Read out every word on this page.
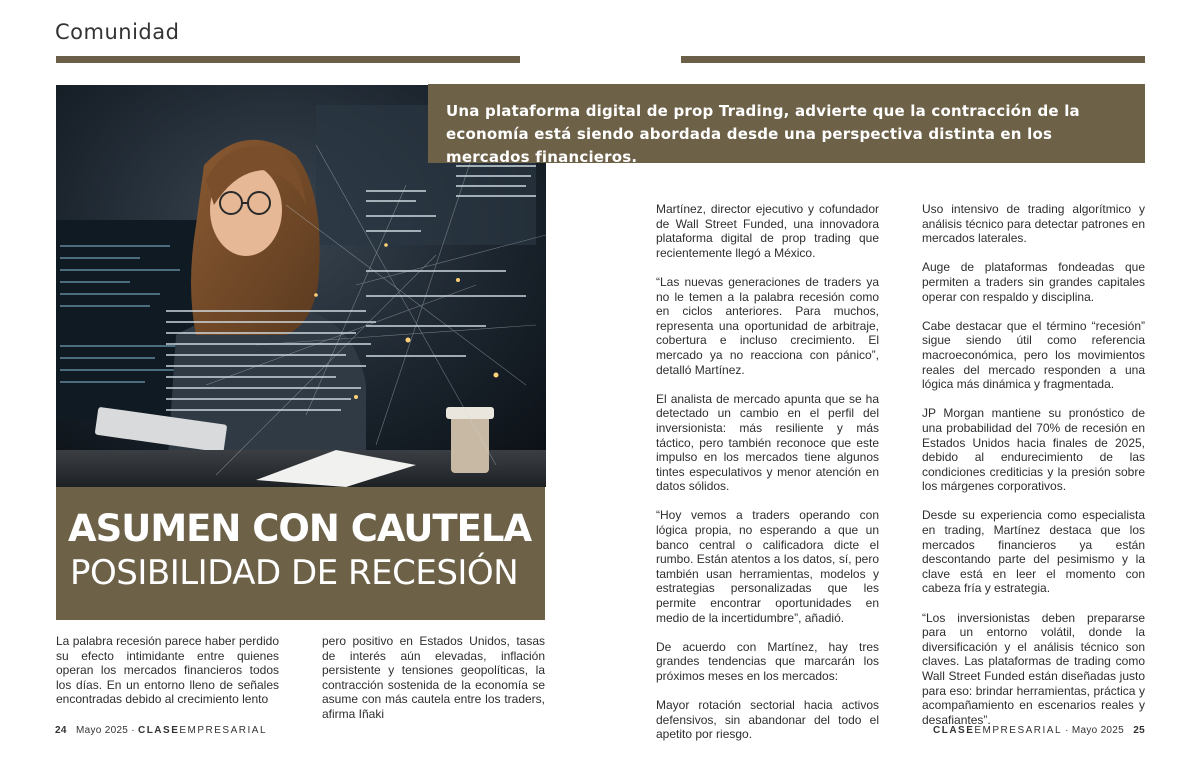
Comunidad
ASUMEN CON CAUTELA
POSIBILIDAD DE RECESIÓN
Una plataforma digital de prop Trading, advierte que la contracción de la economía está siendo abordada desde una perspectiva distinta en los mercados financieros.

La palabra recesión parece haber perdido su efecto intimidante entre quienes operan los mercados financieros todos los días. En un entorno lleno de señales encontradas debido al crecimiento lento

pero positivo en Estados Unidos, tasas de interés aún elevadas, inflación persistente y tensiones geopolíticas, la contracción sostenida de la economía se asume con más cautela entre los traders, afirma Iñaki

Martínez, director ejecutivo y cofundador de Wall Street Funded, una innovadora plataforma digital de prop trading que recientemente llegó a México.

“Las nuevas generaciones de traders ya no le temen a la palabra recesión como en ciclos anteriores. Para muchos, representa una oportunidad de arbitraje, cobertura e incluso crecimiento. El mercado ya no reacciona con pánico”, detalló Martínez.

El analista de mercado apunta que se ha detectado un cambio en el perfil del inversionista: más resiliente y más táctico, pero también reconoce que este impulso en los mercados tiene algunos tintes especulativos y menor atención en datos sólidos.

“Hoy vemos a traders operando con lógica propia, no esperando a que un banco central o calificadora dicte el rumbo. Están atentos a los datos, sí, pero también usan herramientas, modelos y estrategias personalizadas que les permite encontrar oportunidades en medio de la incertidumbre”, añadió.

De acuerdo con Martínez, hay tres grandes tendencias que marcarán los próximos meses en los mercados:

Mayor rotación sectorial hacia activos defensivos, sin abandonar del todo el apetito por riesgo.

Uso intensivo de trading algorítmico y análisis técnico para detectar patrones en mercados laterales.

Auge de plataformas fondeadas que permiten a traders sin grandes capitales operar con respaldo y disciplina.

Cabe destacar que el término “recesión” sigue siendo útil como referencia macroeconómica, pero los movimientos reales del mercado responden a una lógica más dinámica y fragmentada.

JP Morgan mantiene su pronóstico de una probabilidad del 70% de recesión en Estados Unidos hacia finales de 2025, debido al endurecimiento de las condiciones crediticias y la presión sobre los márgenes corporativos.

Desde su experiencia como especialista en trading, Martínez destaca que los mercados financieros ya están descontando parte del pesimismo y la clave está en leer el momento con cabeza fría y estrategia.

“Los inversionistas deben prepararse para un entorno volátil, donde la diversificación y el análisis técnico son claves. Las plataformas de trading como Wall Street Funded están diseñadas justo para eso: brindar herramientas, práctica y acompañamiento en escenarios reales y desafiantes”.

24 Mayo 2025 · CLASEEMPRESARIAL	CLASEEMPRESARIAL · Mayo 2025 25
